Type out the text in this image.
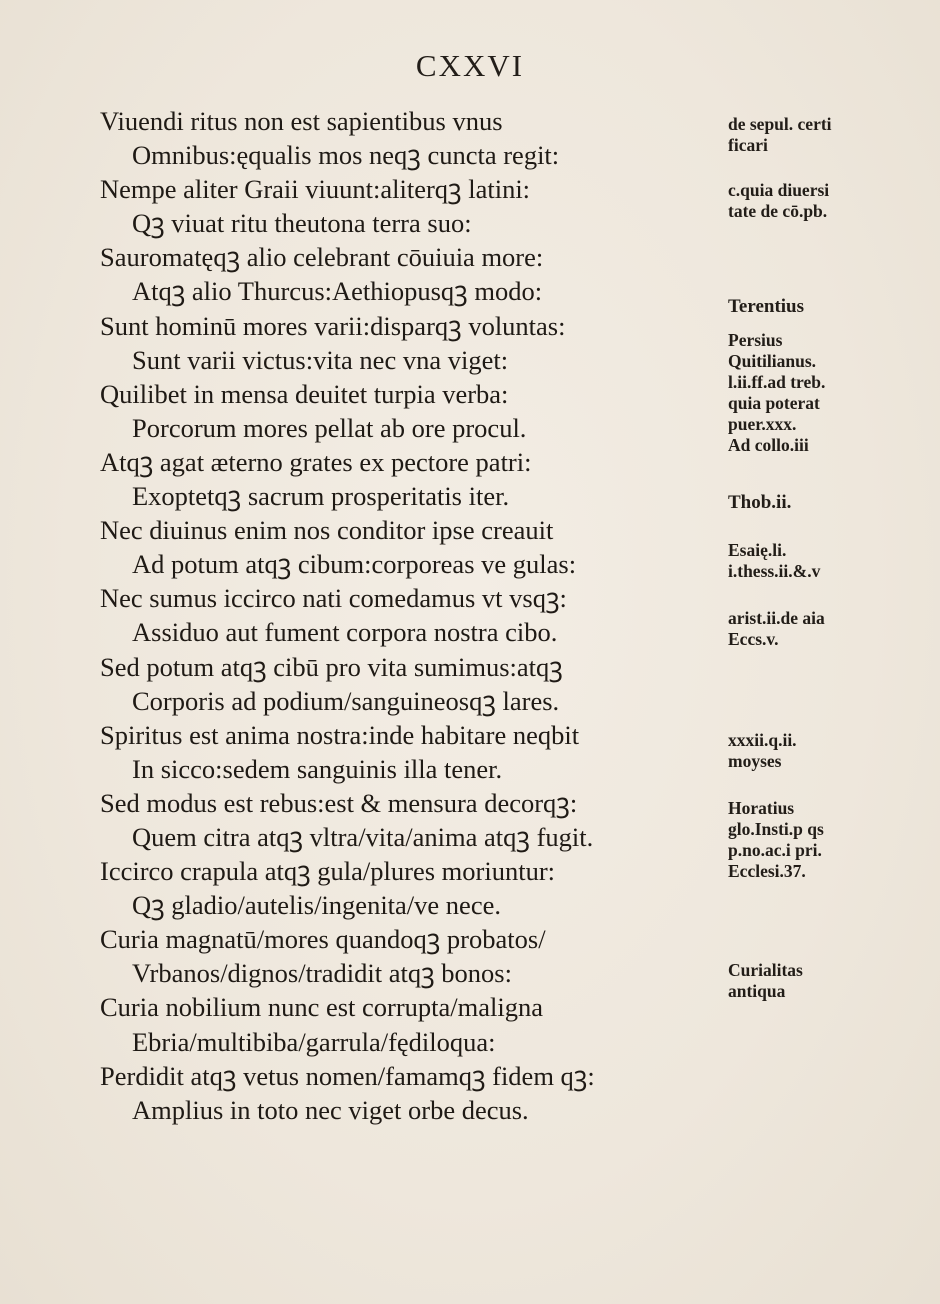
CXXVI
Viuendi ritus non est sapientibus vnus
Omnibus:ęqualis mos neqꝫ cuncta regit:
Nempe aliter Graii viuunt:aliterqꝫ latini:
Qꝫ viuat ritu theutona terra suo:
Sauromatęqꝫ alio celebrant cōuiuia more:
Atqꝫ alio Thurcus:Aethiopusqꝫ modo:
Sunt hominū mores varii:disparqꝫ voluntas:
Sunt varii victus:vita nec vna viget:
Quilibet in mensa deuitet turpia verba:
Porcorum mores pellat ab ore procul.
Atqꝫ agat æterno grates ex pectore patri:
Exoptetqꝫ sacrum prosperitatis iter.
Nec diuinus enim nos conditor ipse creauit
Ad potum atqꝫ cibum:corporeas ve gulas:
Nec sumus iccirco nati comedamus vt vsqꝫ:
Assiduo aut fument corpora nostra cibo.
Sed potum atqꝫ cibū pro vita sumimus:atqꝫ
Corporis ad podium/sanguineosqꝫ lares.
Spiritus est anima nostra:inde habitare neqbit
In sicco:sedem sanguinis illa tener.
Sed modus est rebus:est & mensura decorqꝫ:
Quem citra atqꝫ vltra/vita/anima atqꝫ fugit.
Iccirco crapula atqꝫ gula/plures moriuntur:
Qꝫ gladio/autelis/ingenita/ve nece.
Curia magnatū/mores quandoqꝫ probatos/
Vrbanos/dignos/tradidit atqꝫ bonos:
Curia nobilium nunc est corrupta/maligna
Ebria/multibiba/garrula/fędiloqua:
Perdidit atqꝫ vetus nomen/famamqꝫ fidem qꝫ:
Amplius in toto nec viget orbe decus.
de sepul. certi
ficari
c.quia diuersi
tate de cō.pb.
Terentius
Persius
Quitilianus.
l.ii.ff.ad treb.
quia poterat
puer.xxx.
Ad collo.iii
Thob.ii.
Esaię.li.
i.thess.ii.&.v
arist.ii.de aia
Eccs.v.
xxxii.q.ii.
moyses
Horatius
glo.Insti.p qs
p.no.ac.i pri.
Ecclesi.37.
Curialitas
antiqua
